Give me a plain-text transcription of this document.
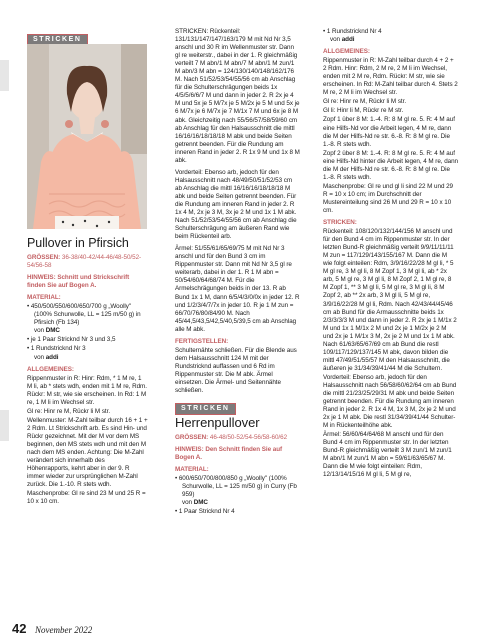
STRICKEN

Pullover in Pfirsich

GRÖSSEN: 36-38/40-42/44-46/48-50/52-54/56-58

HINWEIS: Schnitt und Strickschrift finden Sie auf Bogen A.

MATERIAL:

• 450/500/550/600/650/700 g „Woolly" (100% Schurwolle, LL = 125 m/50 g) in Pfirsich (Fb 134)
von DMC

• je 1 Paar Stricknd Nr 3 und 3,5

• 1 Rundstricknd Nr 3
von addi

ALLGEMEINES:

Rippenmuster in R: Hinr: Rdm, * 1 M re, 1 M li, ab * stets wdh, enden mit 1 M re, Rdm. Rückr: M str, wie sie erscheinen. In Rd: 1 M re, 1 M li im Wechsel str.

Gl re: Hinr re M, Rückr li M str.

Wellenmuster: M-Zahl teilbar durch 16 + 1 + 2 Rdm. Lt Strickschrift arb. Es sind Hin- und Rückr gezeichnet. Mit der M vor dem MS beginnen, den MS stets wdh und mit den M nach dem MS enden. Achtung: Die M-Zahl verändert sich innerhalb des Höhenrapports, kehrt aber in der 9. R immer wieder zur ursprünglichen M-Zahl zurück. Die 1.-10. R stets wdh.

Maschenprobe: Gl re sind 23 M und 25 R = 10 x 10 cm.

STRICKEN: Rückenteil: 131/131/147/147/163/179 M mit Nd Nr 3,5 anschl und 30 R im Wellenmuster str. Dann gl re weiterstr., dabei in der 1. R gleichmäßig verteilt 7 M abn/1 M abn/7 M abn/1 M zun/1 M abn/3 M abn = 124/130/140/148/162/176 M. Nach 51/52/53/54/55/56 cm ab Anschlag für die Schulterschrägungen beids 1x 4/5/5/6/6/7 M und dann in jeder 2. R 2x je 4 M und 5x je 5 M/7x je 5 M/2x je 5 M und 5x je 6 M/7x je 6 M/7x je 7 M/1x 7 M und 6x je 8 M abk. Gleichzeitig nach 55/56/57/58/59/60 cm ab Anschlag für den Halsausschnitt die mittl 16/16/16/18/18/18 M abk und beide Seiten getrennt beenden. Für die Rundung am inneren Rand in jeder 2. R 1x 9 M und 1x 8 M abk.

Vorderteil: Ebenso arb, jedoch für den Halsausschnitt nach 48/49/50/51/52/53 cm ab Anschlag die mittl 16/16/16/18/18/18 M abk und beide Seiten getrennt beenden. Für die Rundung am inneren Rand in jeder 2. R 1x 4 M, 2x je 3 M, 3x je 2 M und 1x 1 M abk. Nach 51/52/53/54/55/56 cm ab Anschlag die Schulterschrägung am äußeren Rand wie beim Rückenteil arb.

Ärmel: 51/55/61/65/69/75 M mit Nd Nr 3 anschl und für den Bund 3 cm im Rippenmuster str. Dann mit Nd Nr 3,5 gl re weiterarb, dabei in der 1. R 1 M abn = 50/54/60/64/68/74 M. Für die Armelschrägungen beids in der 13. R ab Bund 1x 1 M, dann 6/5/4/3/0/0x in jeder 12. R und 1/2/3/4/7/7x in jeder 10. R je 1 M zun = 66/70/76/80/84/90 M. Nach 45/44,5/43,5/42,5/40,5/39,5 cm ab Anschlag alle M abk.

FERTIGSTELLEN:

Schulternähte schließen. Für die Blende aus dem Halsausschnitt 124 M mit der Rundstricknd auffassen und 6 Rd im Rippenmuster str. Die M abk. Ärmel einsetzen. Die Ärmel- und Seitennähte schließen.

STRICKEN

Herrenpullover

GRÖSSEN: 46-48/50-52/54-56/58-60/62

HINWEIS: Den Schnitt finden Sie auf Bogen A.

MATERIAL:

• 600/650/700/800/850 g „Woolly" (100% Schurwolle, LL = 125 m/50 g) in Curry (Fb 959)
von DMC

• 1 Paar Stricknd Nr 4

• 1 Rundstricknd Nr 4
von addi

ALLGEMEINES:

Rippenmuster in R: M-Zahl teilbar durch 4 + 2 + 2 Rdm. Hinr: Rdm, 2 M re, 2 M li im Wechsel, enden mit 2 M re, Rdm. Rückr: M str, wie sie erscheinen. In Rd: M-Zahl teilbar durch 4. Stets 2 M re, 2 M li im Wechsel str.

Gl re: Hinr re M, Rückr li M str.

Gl li: Hinr li M, Rückr re M str.

Zopf 1 über 8 M: 1.-4. R: 8 M gl re. 5. R: 4 M auf eine Hilfs-Nd vor die Arbeit legen, 4 M re, dann die M der Hilfs-Nd re str. 6.-8. R: 8 M gl re. Die 1.-8. R stets wdh.

Zopf 2 über 8 M: 1.-4. R: 8 M gl re. 5. R: 4 M auf eine Hilfs-Nd hinter die Arbeit legen, 4 M re, dann die M der Hilfs-Nd re str. 6.-8. R: 8 M gl re. Die 1.-8. R stets wdh.

Maschenprobe: Gl re und gl li sind 22 M und 29 R = 10 x 10 cm; im Durchschnitt der Mustereinteilung sind 26 M und 29 R = 10 x 10 cm.

STRICKEN:

Rückenteil: 108/120/132/144/156 M anschl und für den Bund 4 cm im Rippenmuster str. In der letzten Bund-R gleichmäßig verteilt 9/9/11/11/11 M zun = 117/129/143/155/167 M. Dann die M wie folgt einteilen: Rdm, 3/9/16/22/28 M gl li, * 5 M gl re, 3 M gl li, 8 M Zopf 1, 3 M gl li, ab * 2x arb, 5 M gl re, 3 M gl li, 8 M Zopf 2, 1 M gl re, 8 M Zopf 1, ** 3 M gl li, 5 M gl re, 3 M gl li, 8 M Zopf 2, ab ** 2x arb, 3 M gl li, 5 M gl re, 3/9/16/22/28 M gl li, Rdm. Nach 42/43/44/45/46 cm ab Bund für die Armausschnitte beids 1x 2/3/3/3/3 M und dann in jeder 2. R 2x je 1 M/1x 2 M und 1x 1 M/1x 2 M und 2x je 1 M/2x je 2 M und 2x je 1 M/1x 3 M, 2x je 2 M und 1x 1 M abk. Nach 61/63/65/67/69 cm ab Bund die restl 109/117/129/137/145 M abk, davon bilden die mittl 47/49/51/55/57 M den Halsausschnitt, die äußeren je 31/34/39/41/44 M die Schultern.

Vorderteil: Ebenso arb, jedoch für den Halsausschnitt nach 56/58/60/62/64 cm ab Bund die mittl 21/23/25/29/31 M abk und beide Seiten getrennt beenden. Für die Rundung am inneren Rand in jeder 2. R 1x 4 M, 1x 3 M, 2x je 2 M und 2x je 1 M abk. Die restl 31/34/39/41/44 Schulter-M in Rückenteilhöhe abk.

Ärmel: 56/60/64/64/68 M anschl und für den Bund 4 cm im Rippenmuster str. In der letzten Bund-R gleichmäßig verteilt 3 M zun/1 M zun/1 M abn/1 M zun/1 M abn = 59/61/63/65/67 M. Dann die M wie folgt einteilen: Rdm, 12/13/14/15/16 M gl li, 5 M gl re,

42 November 2022
